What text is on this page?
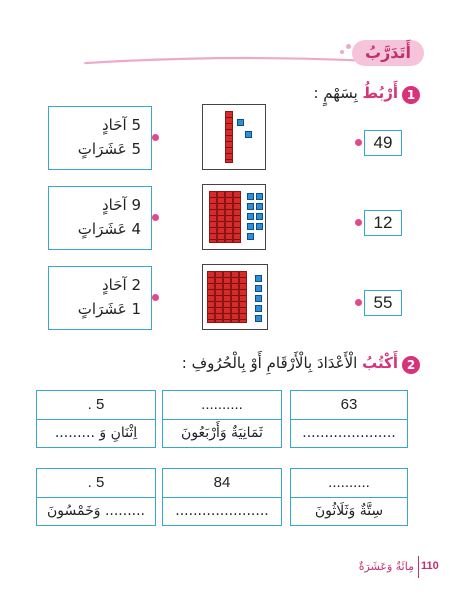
أَتَدَرَّبُ
1
أَرْبُطُ بِسَهْمٍ :
5 آحَادٍ
5 عَشَرَاتٍ	49
9 آحَادٍ
4 عَشَرَاتٍ	12
2 آحَادٍ
1 عَشَرَاتٍ	55
2
أَكْتُبُ الْأَعْدَادَ بِالْأَرْقَامِ أَوْ بِالْحُرُوفِ :
63
.....................
..........
ثَمَانِيَةٌ وَأَرْبَعُونَ
5 .
اِثْنَانِ وَ .........
..........
سِتَّةٌ وَثَلَاثُونَ
84
.....................
5 .
......... وَخَمْسُونَ
110
مِائَةٌ وَعَشَرَةٌ
